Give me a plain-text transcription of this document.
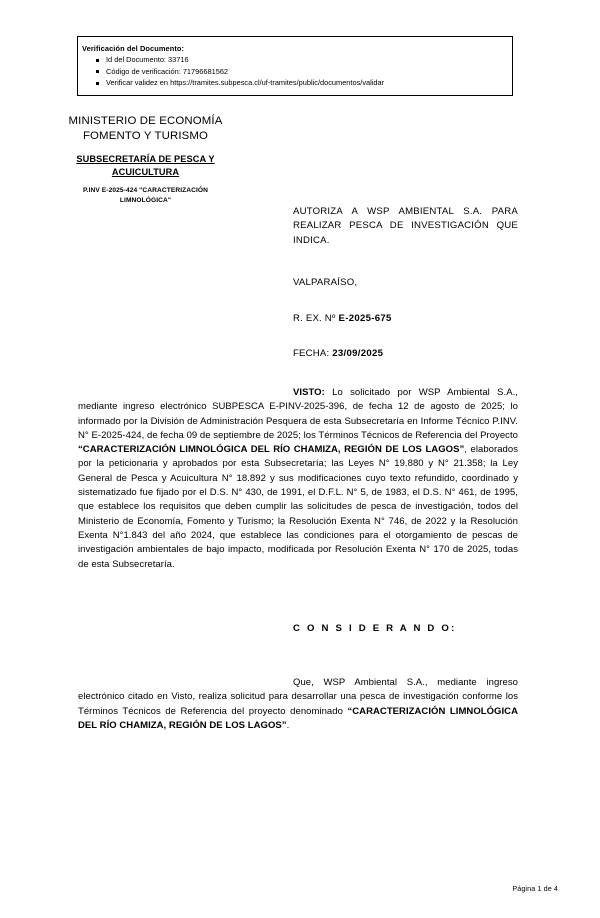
Verificación del Documento:
Id del Documento: 33716
Código de verificación: 71796681562
Verificar validez en https://tramites.subpesca.cl/uf-tramites/public/documentos/validar
MINISTERIO DE ECONOMÍA
FOMENTO Y TURISMO
SUBSECRETARÍA DE PESCA Y
ACUICULTURA
P.INV E-2025-424 "CARACTERIZACIÓN
LIMNOLÓGICA"
AUTORIZA A WSP AMBIENTAL S.A. PARA REALIZAR PESCA DE INVESTIGACIÓN QUE INDICA.
VALPARAÍSO,
R. EX. Nº E-2025-675
FECHA: 23/09/2025
VISTO: Lo solicitado por WSP Ambiental S.A., mediante ingreso electrónico SUBPESCA E-PINV-2025-396, de fecha 12 de agosto de 2025; lo informado por la División de Administración Pesquera de esta Subsecretaría en Informe Técnico P.INV. N° E-2025-424, de fecha 09 de septiembre de 2025; los Términos Técnicos de Referencia del Proyecto “CARACTERIZACIÓN LIMNOLÓGICA DEL RÍO CHAMIZA, REGIÓN DE LOS LAGOS”, elaborados por la peticionaria y aprobados por esta Subsecretaría; las Leyes N° 19.880 y N° 21.358; la Ley General de Pesca y Acuicultura N° 18.892 y sus modificaciones cuyo texto refundido, coordinado y sistematizado fue fijado por el D.S. N° 430, de 1991, el D.F.L. N° 5, de 1983, el D.S. N° 461, de 1995, que establece los requisitos que deben cumplir las solicitudes de pesca de investigación, todos del Ministerio de Economía, Fomento y Turismo; la Resolución Exenta N° 746, de 2022 y la Resolución Exenta N°1.843 del año 2024, que establece las condiciones para el otorgamiento de pescas de investigación ambientales de bajo impacto, modificada por Resolución Exenta N° 170 de 2025, todas de esta Subsecretaría.
C O N S I D E R A N D O:
Que, WSP Ambiental S.A., mediante ingreso electrónico citado en Visto, realiza solicitud para desarrollar una pesca de investigación conforme los Términos Técnicos de Referencia del proyecto denominado “CARACTERIZACIÓN LIMNOLÓGICA DEL RÍO CHAMIZA, REGIÓN DE LOS LAGOS”.
Página 1 de 4
